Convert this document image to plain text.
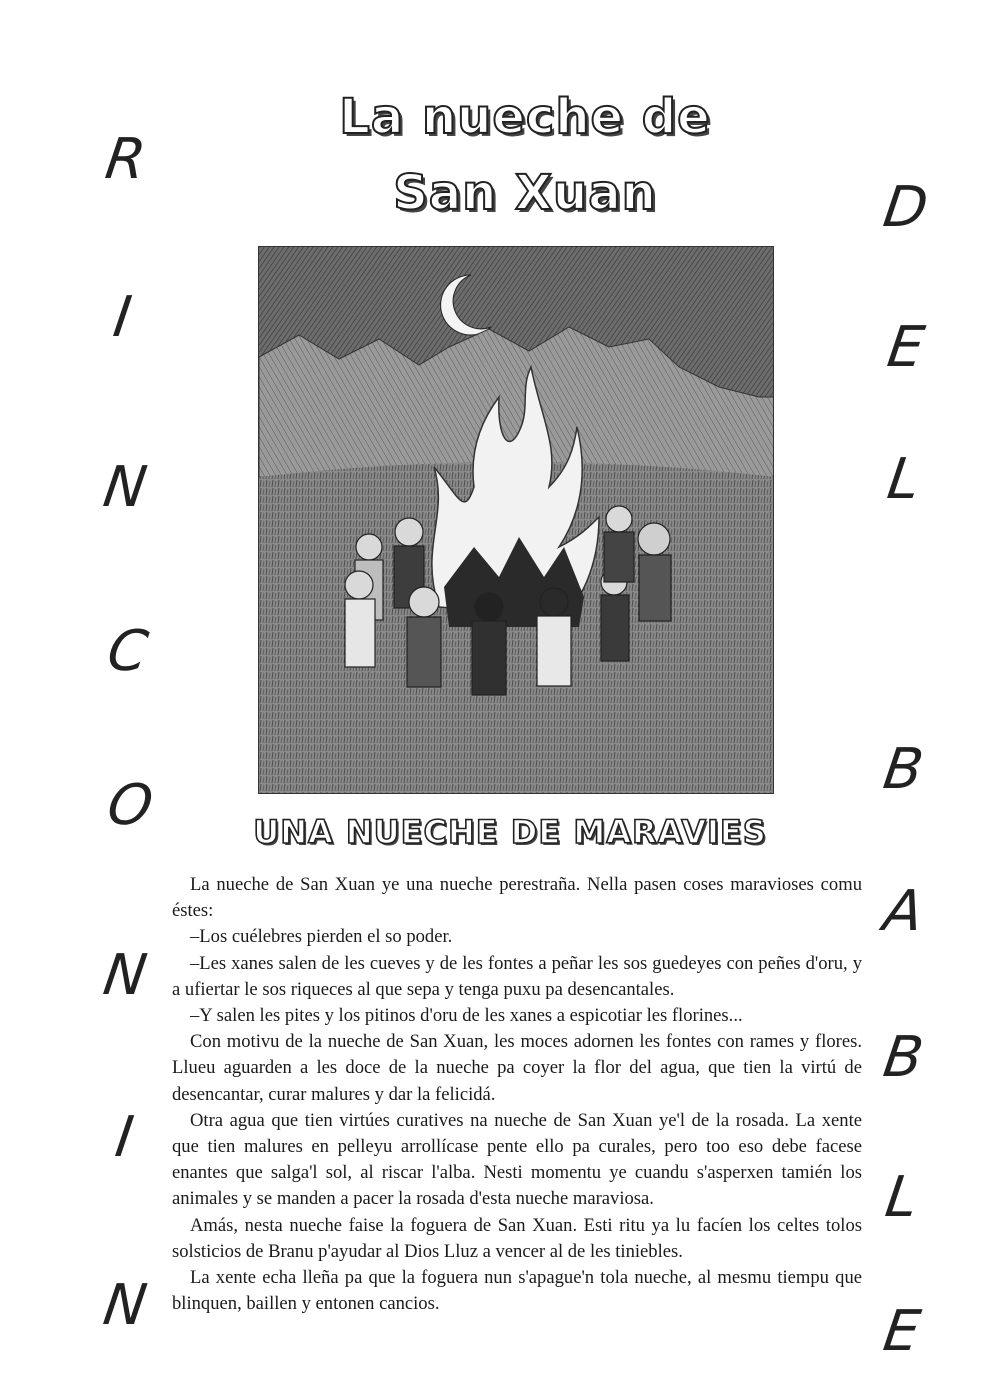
R
I
N
C
O
N
I
N
D
E
L
B
A
B
L
E
La nueche de
San Xuan
UNA NUECHE DE MARAVIES

La nueche de San Xuan ye una nueche perestraña. Nella pasen coses maravioses comu éstes:

–Los cuélebres pierden el so poder.

–Les xanes salen de les cueves y de les fontes a peñar les sos guedeyes con peñes d'oru, y a ufiertar le sos riqueces al que sepa y tenga puxu pa desencantales.

–Y salen les pites y los pitinos d'oru de les xanes a espicotiar les florines...

Con motivu de la nueche de San Xuan, les moces adornen les fontes con rames y flores. Llueu aguarden a les doce de la nueche pa coyer la flor del agua, que tien la virtú de desencantar, curar malures y dar la felicidá.

Otra agua que tien virtúes curatives na nueche de San Xuan ye'l de la rosada. La xente que tien malures en pelleyu arrollícase pente ello pa curales, pero too eso debe facese enantes que salga'l sol, al riscar l'alba. Nesti momentu ye cuandu s'asperxen tamién los animales y se manden a pacer la rosada d'esta nueche maraviosa.

Amás, nesta nueche faise la foguera de San Xuan. Esti ritu ya lu facíen los celtes tolos solsticios de Branu p'ayudar al Dios Lluz a vencer al de les tiniebles.

La xente echa lleña pa que la foguera nun s'apague'n tola nueche, al mesmu tiempu que blinquen, baillen y entonen cancios.
